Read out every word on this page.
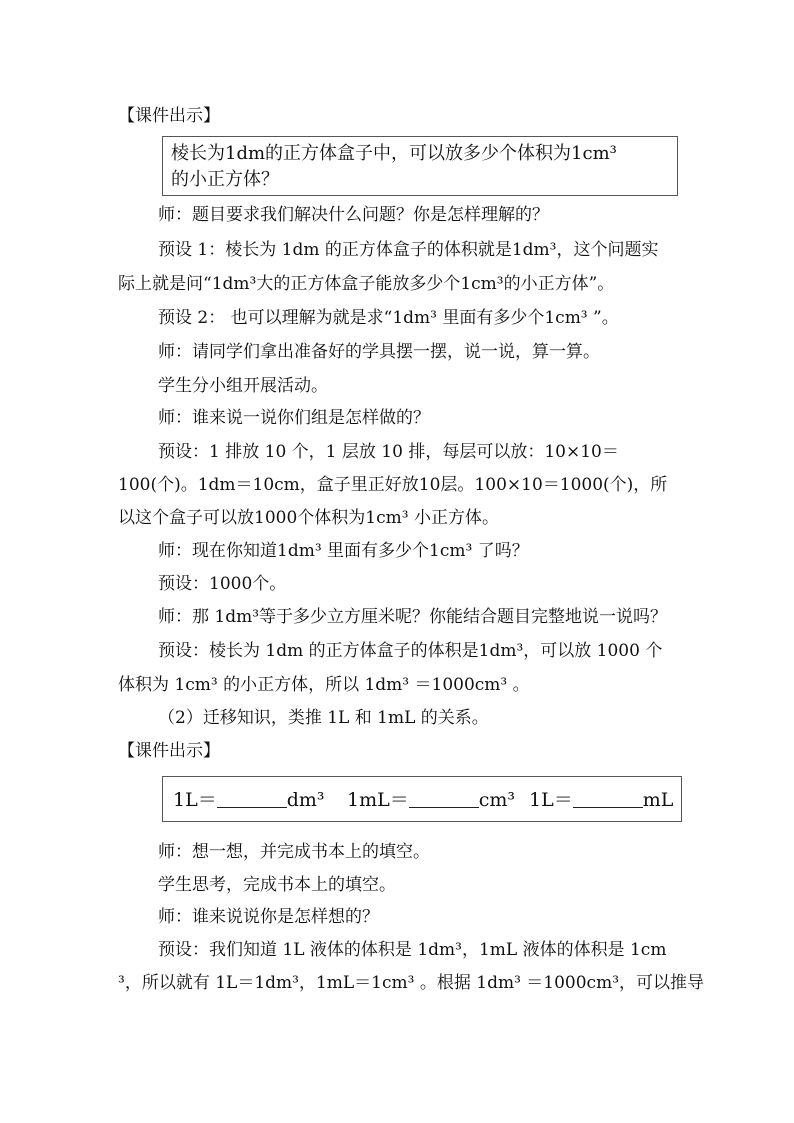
【课件出示】
棱长为1dm的正方体盒子中，可以放多少个体积为1cm³
的小正方体？
师：题目要求我们解决什么问题？你是怎样理解的？
预设 1：棱长为 1dm 的正方体盒子的体积就是1dm³，这个问题实
际上就是问“1dm³大的正方体盒子能放多少个1cm³的小正方体”。
预设 2： 也可以理解为就是求“1dm³ 里面有多少个1cm³ ”。
师：请同学们拿出准备好的学具摆一摆，说一说，算一算。
学生分小组开展活动。
师：谁来说一说你们组是怎样做的？
预设：1 排放 10 个，1 层放 10 排，每层可以放：10×10＝
100(个)。1dm＝10cm，盒子里正好放10层。100×10＝1000(个)，所
以这个盒子可以放1000个体积为1cm³ 小正方体。
师：现在你知道1dm³ 里面有多少个1cm³ 了吗？
预设：1000个。
师：那 1dm³等于多少立方厘米呢？你能结合题目完整地说一说吗？
预设：棱长为 1dm 的正方体盒子的体积是1dm³，可以放 1000 个
体积为 1cm³ 的小正方体，所以 1dm³ ＝1000cm³ 。
（2）迁移知识，类推 1L 和 1mL 的关系。
【课件出示】
1L＝	dm³ 1mL＝	cm³ 1L＝	mL
师：想一想，并完成书本上的填空。
学生思考，完成书本上的填空。
师：谁来说说你是怎样想的？
预设：我们知道 1L 液体的体积是 1dm³，1mL 液体的体积是 1cm
³，所以就有 1L＝1dm³，1mL＝1cm³ 。根据 1dm³ ＝1000cm³，可以推导
